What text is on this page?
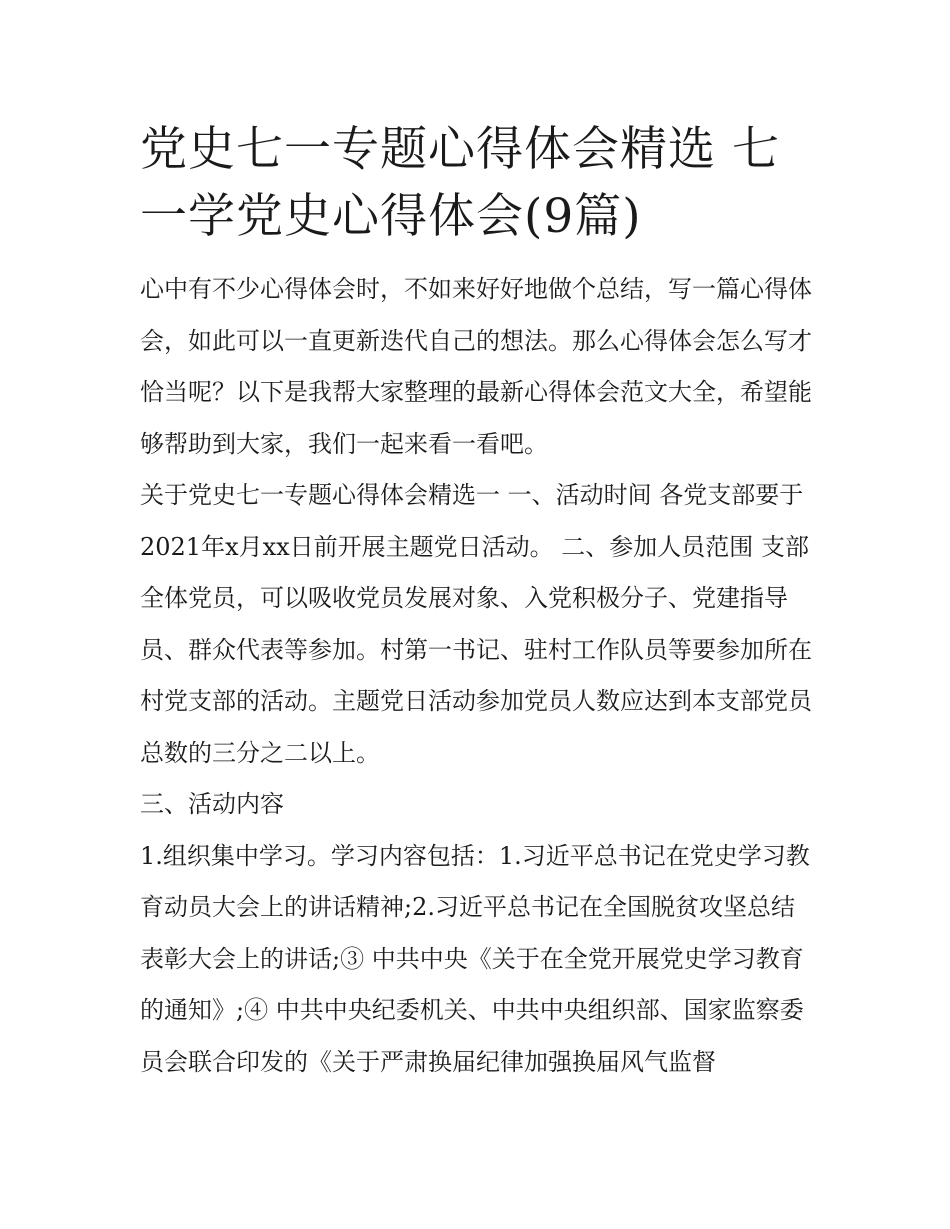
党史七一专题心得体会精选 七一学党史心得体会(9篇)

心中有不少心得体会时，不如来好好地做个总结，写一篇心得体会，如此可以一直更新迭代自己的想法。那么心得体会怎么写才恰当呢？以下是我帮大家整理的最新心得体会范文大全，希望能够帮助到大家，我们一起来看一看吧。

关于党史七一专题心得体会精选一 一、活动时间 各党支部要于2021年x月xx日前开展主题党日活动。 二、参加人员范围 支部全体党员，可以吸收党员发展对象、入党积极分子、党建指导员、群众代表等参加。村第一书记、驻村工作队员等要参加所在村党支部的活动。主题党日活动参加党员人数应达到本支部党员总数的三分之二以上。

三、活动内容

1.组织集中学习。学习内容包括：1.习近平总书记在党史学习教育动员大会上的讲话精神;2.习近平总书记在全国脱贫攻坚总结表彰大会上的讲话;③ 中共中央《关于在全党开展党史学习教育的通知》;④ 中共中央纪委机关、中共中央组织部、国家监察委员会联合印发的《关于严肃换届纪律加强换届风气监督
